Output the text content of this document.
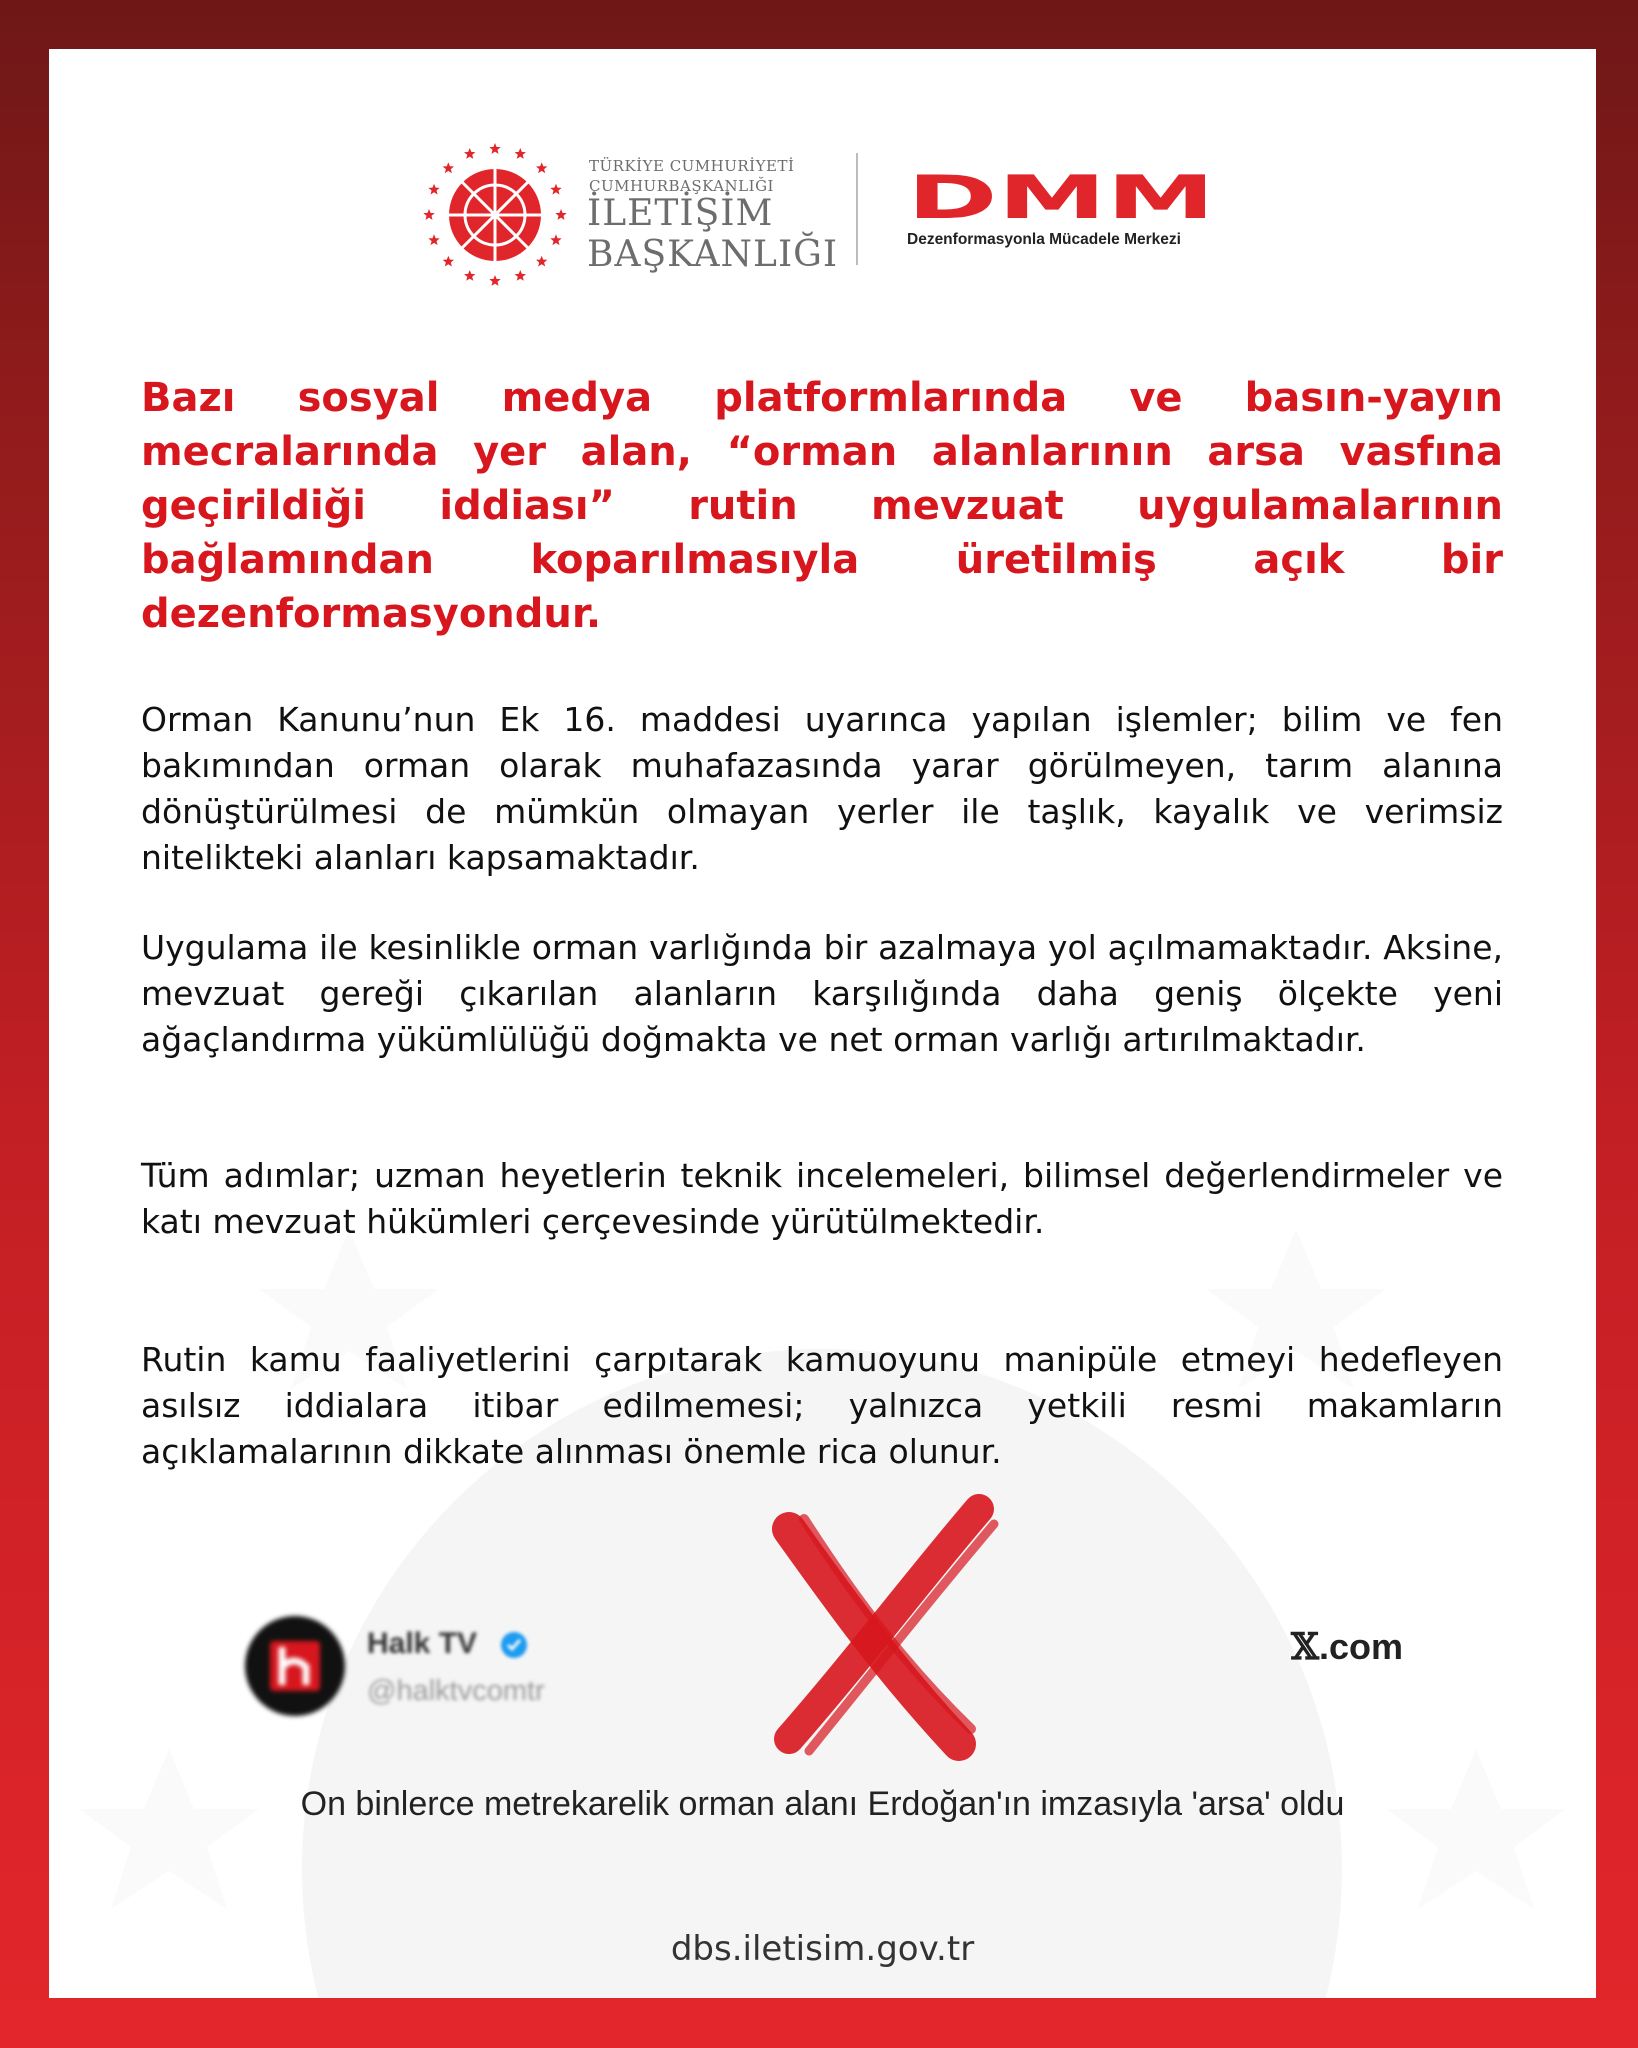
TÜRKİYE CUMHURİYETİ
CUMHURBAŞKANLIĞI
İLETİŞİM
BAŞKANLIĞI
DMM
Dezenformasyonla Mücadele Merkezi

Bazı sosyal medya platformlarında ve basın-yayın mecralarında yer alan, “orman alanlarının arsa vasfına geçirildiği iddiası” rutin mevzuat uygulamalarının bağlamından koparılmasıyla üretilmiş açık bir dezenformasyondur.

Orman Kanunu’nun Ek 16. maddesi uyarınca yapılan işlemler; bilim ve fen bakımından orman olarak muhafazasında yarar görülmeyen, tarım alanına dönüştürülmesi de mümkün olmayan yerler ile taşlık, kayalık ve verimsiz nitelikteki alanları kapsamaktadır.

Uygulama ile kesinlikle orman varlığında bir azalmaya yol açılmamaktadır. Aksine, mevzuat gereği çıkarılan alanların karşılığında daha geniş ölçekte yeni ağaçlandırma yükümlülüğü doğmakta ve net orman varlığı artırılmaktadır.

Tüm adımlar; uzman heyetlerin teknik incelemeleri, bilimsel değerlendirmeler ve katı mevzuat hükümleri çerçevesinde yürütülmektedir.

Rutin kamu faaliyetlerini çarpıtarak kamuoyunu manipüle etmeyi hedefleyen asılsız iddialara itibar edilmemesi; yalnızca yetkili resmi makamların açıklamalarının dikkate alınması önemle rica olunur.

Halk TV
@halktvcomtr
𝕏 .com
On binlerce metrekarelik orman alanı Erdoğan'ın imzasıyla 'arsa' oldu
dbs.iletisim.gov.tr
